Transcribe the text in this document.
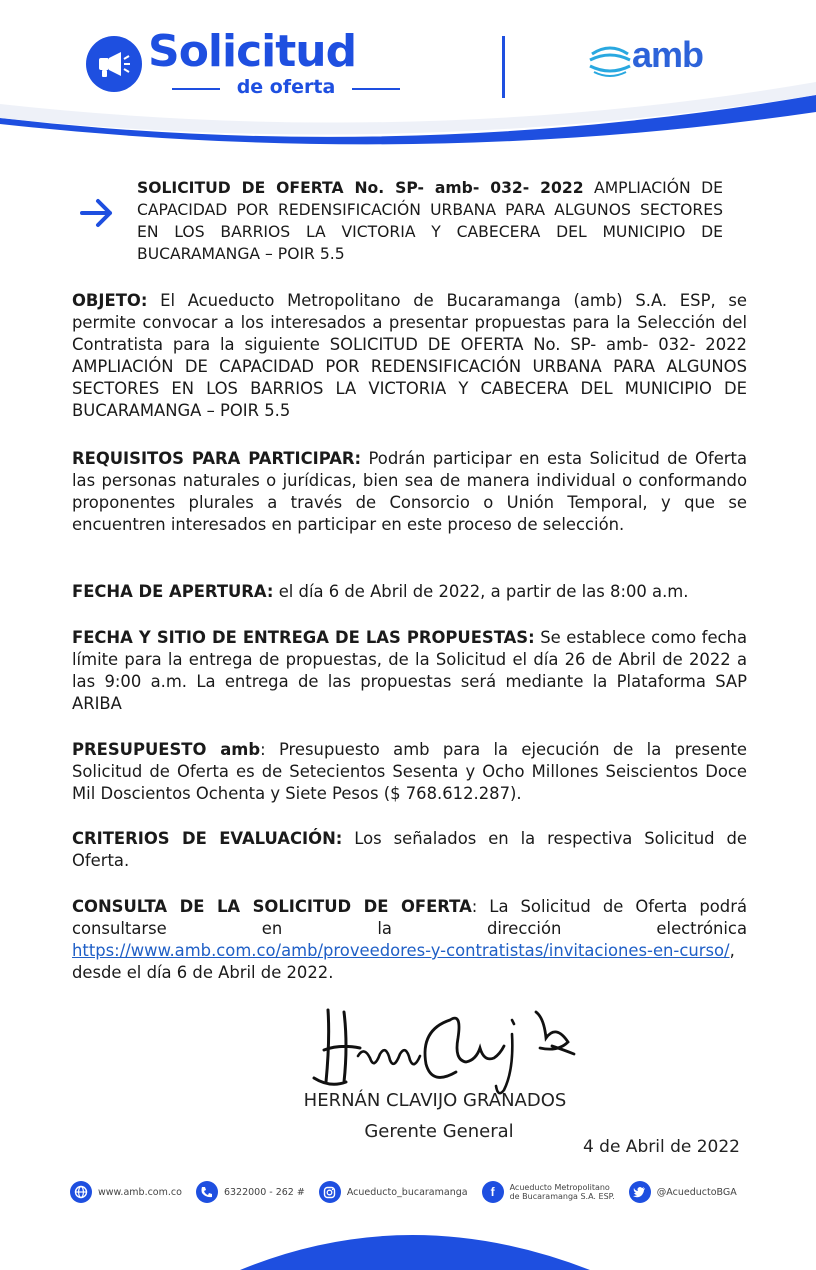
Solicitud
de oferta
amb
SOLICITUD DE OFERTA No. SP- amb- 032- 2022 AMPLIACIÓN DE CAPACIDAD POR REDENSIFICACIÓN URBANA PARA ALGUNOS SECTORES EN LOS BARRIOS LA VICTORIA Y CABECERA DEL MUNICIPIO DE BUCARAMANGA – POIR 5.5
OBJETO: El Acueducto Metropolitano de Bucaramanga (amb) S.A. ESP, se permite convocar a los interesados a presentar propuestas para la Selección del Contratista para la siguiente SOLICITUD DE OFERTA No. SP- amb- 032- 2022 AMPLIACIÓN DE CAPACIDAD POR REDENSIFICACIÓN URBANA PARA ALGUNOS SECTORES EN LOS BARRIOS LA VICTORIA Y CABECERA DEL MUNICIPIO DE BUCARAMANGA – POIR 5.5
REQUISITOS PARA PARTICIPAR: Podrán participar en esta Solicitud de Oferta las personas naturales o jurídicas, bien sea de manera individual o conformando proponentes plurales a través de Consorcio o Unión Temporal, y que se encuentren interesados en participar en este proceso de selección.
FECHA DE APERTURA: el día 6 de Abril de 2022, a partir de las 8:00 a.m.
FECHA Y SITIO DE ENTREGA DE LAS PROPUESTAS: Se establece como fecha límite para la entrega de propuestas, de la Solicitud el día 26 de Abril de 2022 a las 9:00 a.m. La entrega de las propuestas será mediante la Plataforma SAP ARIBA
PRESUPUESTO amb: Presupuesto amb para la ejecución de la presente Solicitud de Oferta es de Setecientos Sesenta y Ocho Millones Seiscientos Doce Mil Doscientos Ochenta y Siete Pesos ($ 768.612.287).
CRITERIOS DE EVALUACIÓN: Los señalados en la respectiva Solicitud de Oferta.
CONSULTA DE LA SOLICITUD DE OFERTA: La Solicitud de Oferta podrá consultarse en la dirección electrónica https://www.amb.com.co/amb/proveedores-y-contratistas/invitaciones-en-curso/, desde el día 6 de Abril de 2022.
HERNÁN CLAVIJO GRANADOS
Gerente General
4 de Abril de 2022
www.amb.com.co	6322000 - 262 #	Acueducto_bucaramanga	f	Acueducto Metropolitano
de Bucaramanga S.A. ESP.	@AcueductoBGA
